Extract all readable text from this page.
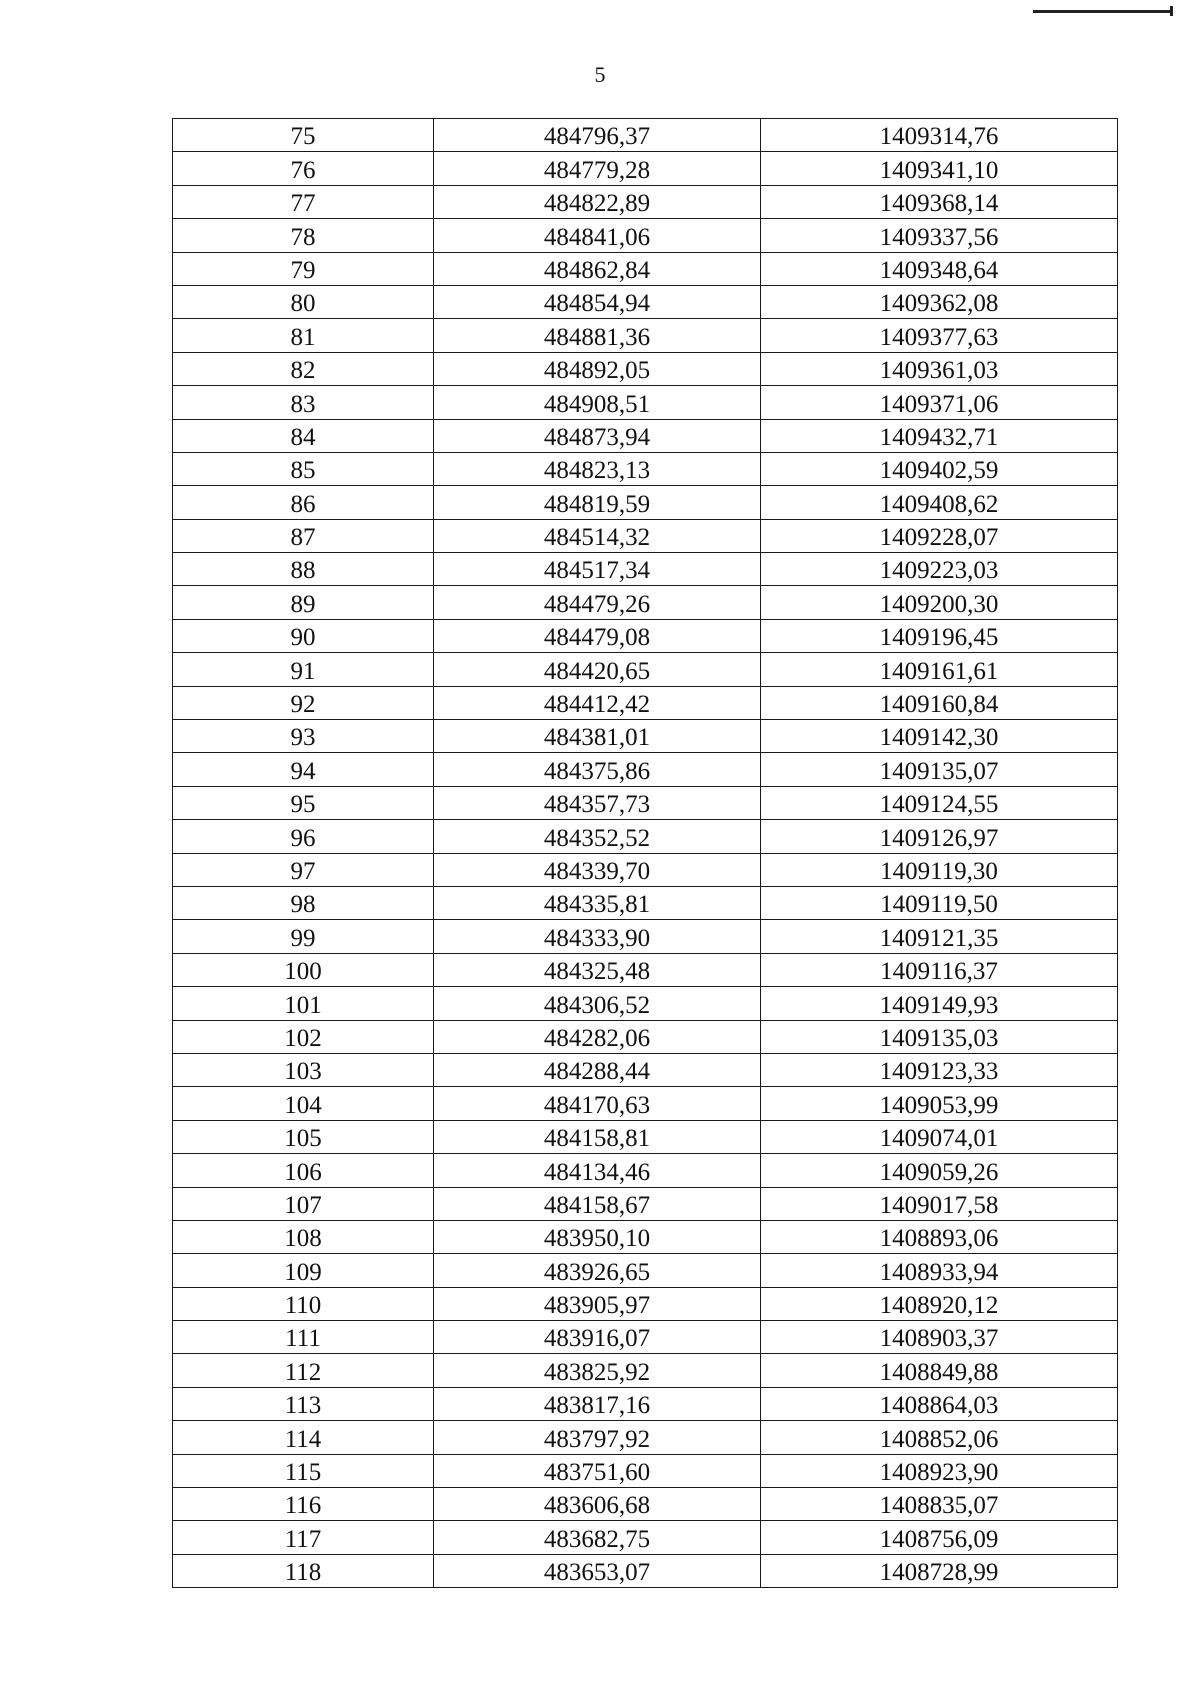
5
75	484796,37	1409314,76
76	484779,28	1409341,10
77	484822,89	1409368,14
78	484841,06	1409337,56
79	484862,84	1409348,64
80	484854,94	1409362,08
81	484881,36	1409377,63
82	484892,05	1409361,03
83	484908,51	1409371,06
84	484873,94	1409432,71
85	484823,13	1409402,59
86	484819,59	1409408,62
87	484514,32	1409228,07
88	484517,34	1409223,03
89	484479,26	1409200,30
90	484479,08	1409196,45
91	484420,65	1409161,61
92	484412,42	1409160,84
93	484381,01	1409142,30
94	484375,86	1409135,07
95	484357,73	1409124,55
96	484352,52	1409126,97
97	484339,70	1409119,30
98	484335,81	1409119,50
99	484333,90	1409121,35
100	484325,48	1409116,37
101	484306,52	1409149,93
102	484282,06	1409135,03
103	484288,44	1409123,33
104	484170,63	1409053,99
105	484158,81	1409074,01
106	484134,46	1409059,26
107	484158,67	1409017,58
108	483950,10	1408893,06
109	483926,65	1408933,94
110	483905,97	1408920,12
111	483916,07	1408903,37
112	483825,92	1408849,88
113	483817,16	1408864,03
114	483797,92	1408852,06
115	483751,60	1408923,90
116	483606,68	1408835,07
117	483682,75	1408756,09
118	483653,07	1408728,99
